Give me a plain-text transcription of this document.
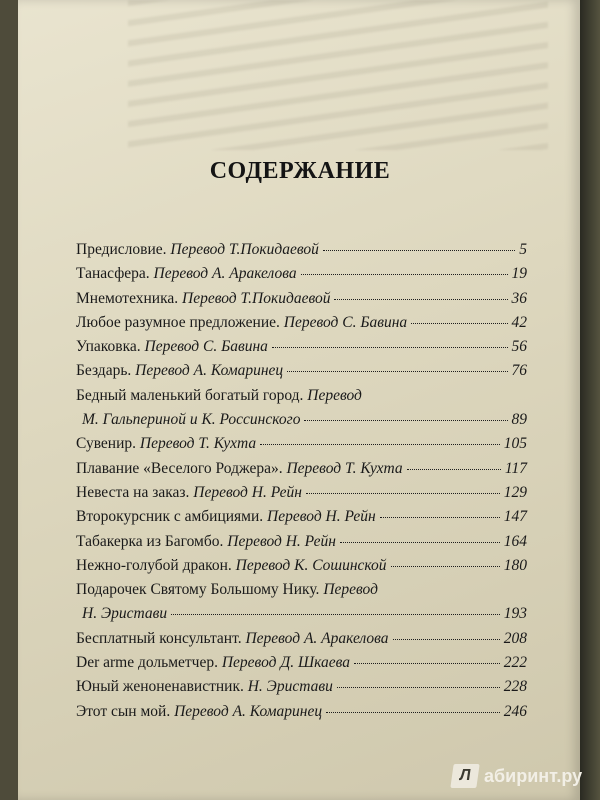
СОДЕРЖАНИЕ
Предисловие. Перевод Т.Покидаевой	5
Танасфера. Перевод А. Аракелова	19
Мнемотехника. Перевод Т.Покидаевой	36
Любое разумное предложение. Перевод С. Бавина	42
Упаковка. Перевод С. Бавина	56
Бездарь. Перевод А. Комаринец	76
Бедный маленький богатый город. Перевод
М. Гальпериной и К. Россинского	89
Сувенир. Перевод Т. Кухта	105
Плавание «Веселого Роджера». Перевод Т. Кухта	117
Невеста на заказ. Перевод Н. Рейн	129
Второкурсник с амбициями. Перевод Н. Рейн	147
Табакерка из Багомбо. Перевод Н. Рейн	164
Нежно-голубой дракон. Перевод К. Сошинской	180
Подарочек Святому Большому Нику. Перевод
Н. Эристави	193
Бесплатный консультант. Перевод А. Аракелова	208
Der arme дольметчер. Перевод Д. Шкаева	222
Юный женоненавистник. Н. Эристави	228
Этот сын мой. Перевод А. Комаринец	246
Л абиринт.ру
